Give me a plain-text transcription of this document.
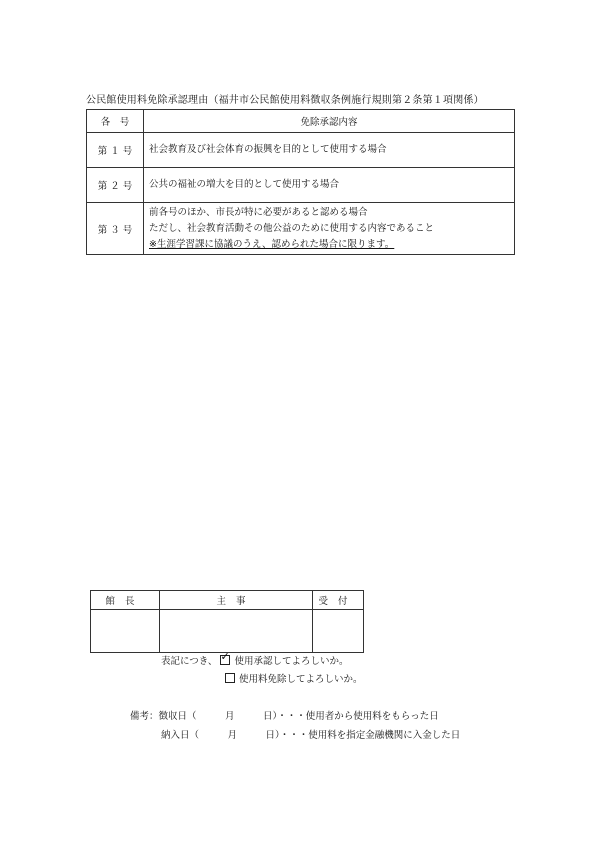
公民館使用料免除承認理由（福井市公民館使用料徴収条例施行規則第２条第１項関係）
各　号	免除承認内容
第 １ 号	社会教育及び社会体育の振興を目的として使用する場合

第 ２ 号	公共の福祉の増大を目的として使用する場合

第 ３ 号	前各号のほか、市長が特に必要があると認める場合
ただし、社会教育活動その他公益のために使用する内容であること
※生涯学習課に協議のうえ、認められた場合に限ります。
館長	主事	受付

表記につき、 ✓ 使用承認してよろしいか。
使用料免除してよろしいか。
備考：徴収日（　　　月　　　日）・・・使用者から使用料をもらった日
納入日（　　　月　　　日）・・・使用料を指定金融機関に入金した日
